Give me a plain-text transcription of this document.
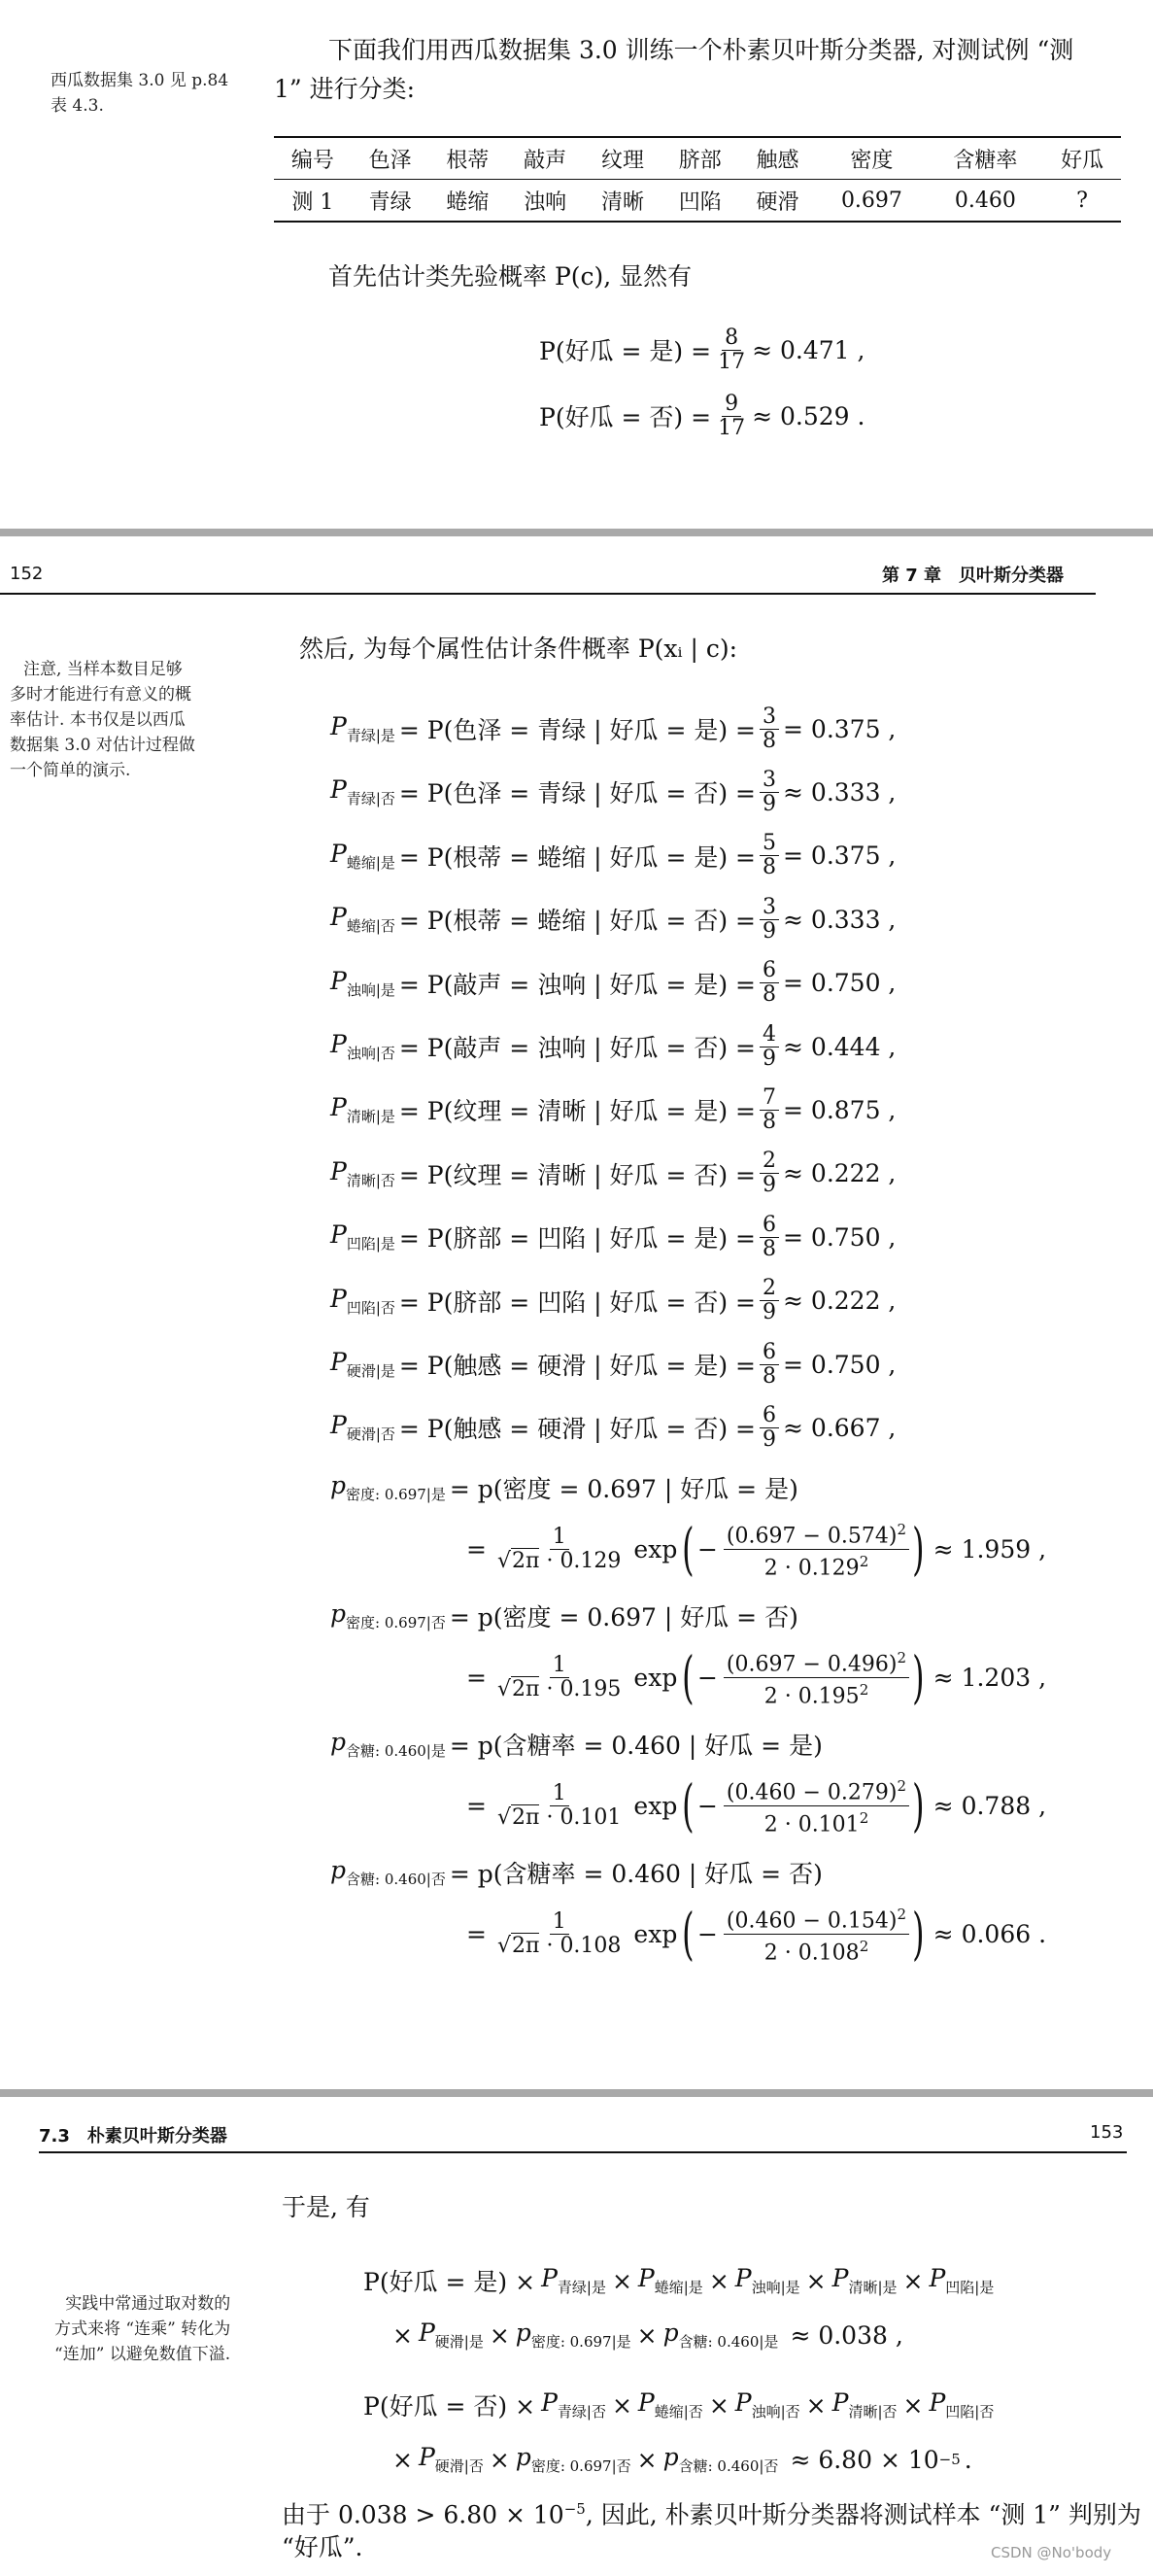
西瓜数据集 3.0 见 p.84
表 4.3.
下面我们用西瓜数据集 3.0 训练一个朴素贝叶斯分类器, 对测试例 “测
1” 进行分类:
编号	色泽	根蒂	敲声	纹理	脐部	触感	密度	含糖率	好瓜
测 1	青绿	蜷缩	浊响	清晰	凹陷	硬滑	0.697	0.460	?
首先估计类先验概率 P(c), 显然有
P(好瓜 = 是) = $\frac{8}{17} \approx 0.471$ ,
P(好瓜 = 否) = $\frac{9}{17} \approx 0.529$ .
152	第 7 章　贝叶斯分类器
注意, 当样本数目足够
多时才能进行有意义的概
率估计. 本书仅是以西瓜
数据集 3.0 对估计过程做
一个简单的演示.
然后, 为每个属性估计条件概率 P(xᵢ | c):
$P_{青绿|是} = P$(色泽 = 青绿 | 好瓜 = 是) = $\frac{3}{8} = 0.375$ ,
$P_{青绿|否} = P$(色泽 = 青绿 | 好瓜 = 否) = $\frac{3}{9} \approx 0.333$ ,
$P_{蜷缩|是} = P$(根蒂 = 蜷缩 | 好瓜 = 是) = $\frac{5}{8} = 0.375$ ,
$P_{蜷缩|否} = P$(根蒂 = 蜷缩 | 好瓜 = 否) = $\frac{3}{9} \approx 0.333$ ,
$P_{浊响|是} = P$(敲声 = 浊响 | 好瓜 = 是) = $\frac{6}{8} = 0.750$ ,
$P_{浊响|否} = P$(敲声 = 浊响 | 好瓜 = 否) = $\frac{4}{9} \approx 0.444$ ,
$P_{清晰|是} = P$(纹理 = 清晰 | 好瓜 = 是) = $\frac{7}{8} = 0.875$ ,
$P_{清晰|否} = P$(纹理 = 清晰 | 好瓜 = 否) = $\frac{2}{9} \approx 0.222$ ,
$P_{凹陷|是} = P$(脐部 = 凹陷 | 好瓜 = 是) = $\frac{6}{8} = 0.750$ ,
$P_{凹陷|否} = P$(脐部 = 凹陷 | 好瓜 = 否) = $\frac{2}{9} \approx 0.222$ ,
$P_{硬滑|是} = P$(触感 = 硬滑 | 好瓜 = 是) = $\frac{6}{8} = 0.750$ ,
$P_{硬滑|否} = P$(触感 = 硬滑 | 好瓜 = 否) = $\frac{6}{9} \approx 0.667$ ,
$p_{密度: 0.697|是} = p$(密度 = 0.697 | 好瓜 = 是)
= $\frac{1}{√2\pi \cdot 0.129}$ exp ( − $\frac{(0.697 - 0.574)^2}{2 \cdot 0.129^2}$ ) ≈ 1.959 ,
$p_{密度: 0.697|否} = p$(密度 = 0.697 | 好瓜 = 否)
= $\frac{1}{√2\pi \cdot 0.195}$ exp ( − $\frac{(0.697 - 0.496)^2}{2 \cdot 0.195^2}$ ) ≈ 1.203 ,
$p_{含糖: 0.460|是} = p$(含糖率 = 0.460 | 好瓜 = 是)
= $\frac{1}{√2\pi \cdot 0.101}$ exp ( − $\frac{(0.460 - 0.279)^2}{2 \cdot 0.101^2}$ ) ≈ 0.788 ,
$p_{含糖: 0.460|否} = p$(含糖率 = 0.460 | 好瓜 = 否)
= $\frac{1}{√2\pi \cdot 0.108}$ exp ( − $\frac{(0.460 - 0.154)^2}{2 \cdot 0.108^2}$ ) ≈ 0.066 .
7.3　朴素贝叶斯分类器	153
于是, 有
实践中常通过取对数的
方式来将 “连乘” 转化为
“连加” 以避免数值下溢.
P(好瓜 = 是) × $P_{青绿|是} \times P_{蜷缩|是} \times P_{浊响|是} \times P_{清晰|是} \times P_{凹陷|是}$
× $P_{硬滑|是} \times p_{密度: 0.697|是} \times p_{含糖: 0.460|是} \approx 0.038$ ,
P(好瓜 = 否) × $P_{青绿|否} \times P_{蜷缩|否} \times P_{浊响|否} \times P_{清晰|否} \times P_{凹陷|否}$
× $P_{硬滑|否} \times p_{密度: 0.697|否} \times p_{含糖: 0.460|否} \approx 6.80 \times 10 -5$ .
由于 $0.038 > 6.80 \times 10^{-5}$, 因此, 朴素贝叶斯分类器将测试样本 “测 1” 判别为
“好瓜”.	CSDN @No'body
